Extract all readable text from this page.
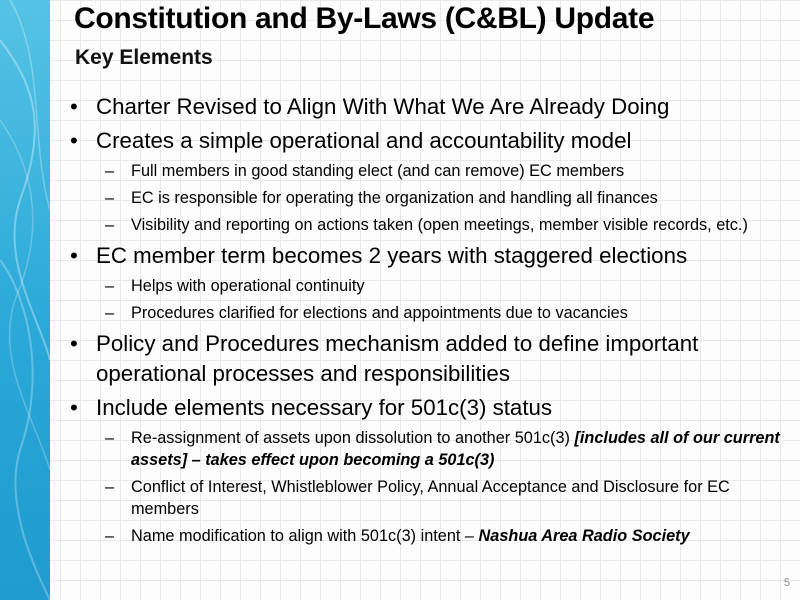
Constitution and By-Laws (C&BL) Update
Key Elements
• Charter Revised to Align With What We Are Already Doing
• Creates a simple operational and accountability model
– Full members in good standing elect (and can remove) EC members
– EC is responsible for operating the organization and handling all finances
– Visibility and reporting on actions taken (open meetings, member visible records, etc.)
• EC member term becomes 2 years with staggered elections
– Helps with operational continuity
– Procedures clarified for elections and appointments due to vacancies
• Policy and Procedures mechanism added to define important operational processes and responsibilities
• Include elements necessary for 501c(3) status
– Re-assignment of assets upon dissolution to another 501c(3) [includes all of our current assets] – takes effect upon becoming a 501c(3)
– Conflict of Interest, Whistleblower Policy, Annual Acceptance and Disclosure for EC members
– Name modification to align with 501c(3) intent – Nashua Area Radio Society
5
